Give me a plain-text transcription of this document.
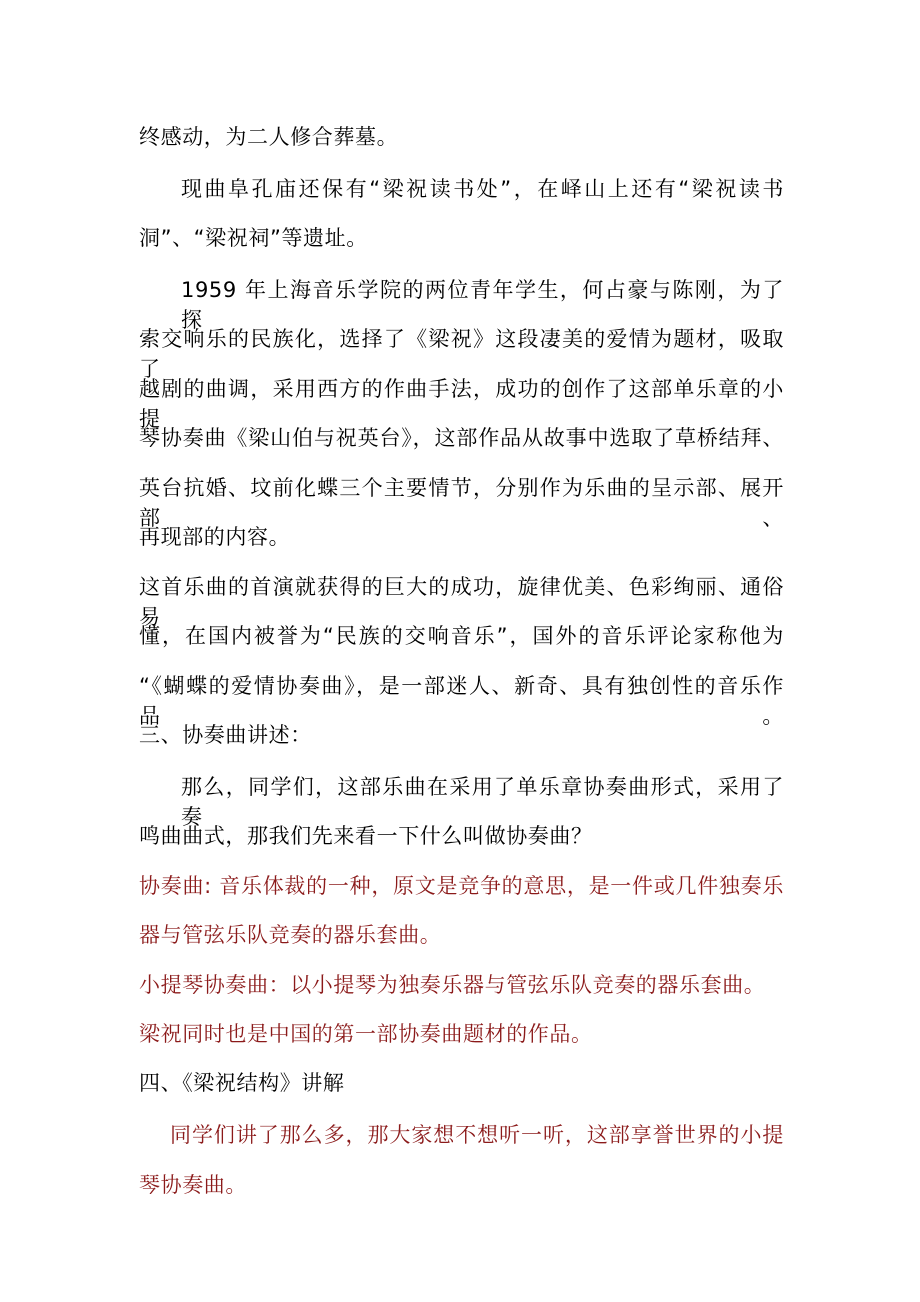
终感动，为二人修合葬墓。
现曲阜孔庙还保有“梁祝读书处”，在峄山上还有“梁祝读书
洞”、“梁祝祠”等遗址。
1959 年上海音乐学院的两位青年学生，何占豪与陈刚，为了探
索交响乐的民族化，选择了《梁祝》这段凄美的爱情为题材，吸取了
越剧的曲调，采用西方的作曲手法，成功的创作了这部单乐章的小提
琴协奏曲《梁山伯与祝英台》，这部作品从故事中选取了草桥结拜、
英台抗婚、坟前化蝶三个主要情节，分别作为乐曲的呈示部、展开部、
再现部的内容。
这首乐曲的首演就获得的巨大的成功，旋律优美、色彩绚丽、通俗易
懂，在国内被誉为“民族的交响音乐”，国外的音乐评论家称他为
“《蝴蝶的爱情协奏曲》，是一部迷人、新奇、具有独创性的音乐作品。
三、协奏曲讲述：
那么，同学们，这部乐曲在采用了单乐章协奏曲形式，采用了奏
鸣曲曲式，那我们先来看一下什么叫做协奏曲？
协奏曲: 音乐体裁的一种，原文是竞争的意思，是一件或几件独奏乐
器与管弦乐队竞奏的器乐套曲。
小提琴协奏曲：以小提琴为独奏乐器与管弦乐队竞奏的器乐套曲。
梁祝同时也是中国的第一部协奏曲题材的作品。
四、《梁祝结构》讲解
同学们讲了那么多，那大家想不想听一听，这部享誉世界的小提
琴协奏曲。
